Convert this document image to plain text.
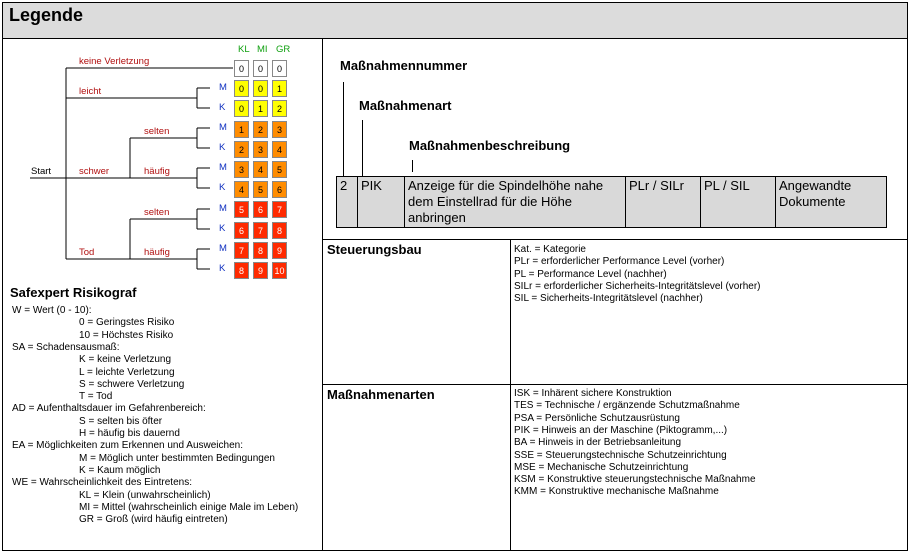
Legende
KL MI GR
Start
keine Verletzung
leicht
schwer
Tod
selten
häufig
selten
häufig
M
K
M
K
M
K
M
K
M
K
0	0	0
0	0	1
0	1	2
1	2	3
2	3	4
3	4	5
4	5	6
5	6	7
6	7	8
7	8	9
8	9	10
Safexpert Risikograf
W = Wert (0 - 10):
0 = Geringstes Risiko
10 = Höchstes Risiko
SA = Schadensausmaß:
K = keine Verletzung
L = leichte Verletzung
S = schwere Verletzung
T = Tod
AD = Aufenthaltsdauer im Gefahrenbereich:
S = selten bis öfter
H = häufig bis dauernd
EA = Möglichkeiten zum Erkennen und Ausweichen:
M = Möglich unter bestimmten Bedingungen
K = Kaum möglich
WE = Wahrscheinlichkeit des Eintretens:
KL = Klein (unwahrscheinlich)
MI = Mittel (wahrscheinlich einige Male im Leben)
GR = Groß (wird häufig eintreten)
Maßnahmennummer
Maßnahmenart
Maßnahmenbeschreibung
2	PIK	Anzeige für die Spindelhöhe nahe dem Einstellrad für die Höhe anbringen	PLr / SILr	PL / SIL	Angewandte Dokumente
Steuerungsbau	Kat. = Kategorie
PLr = erforderlicher Performance Level (vorher)
PL = Performance Level (nachher)
SILr = erforderlicher Sicherheits-Integritätslevel (vorher)
SIL = Sicherheits-Integritätslevel (nachher)
Maßnahmenarten	ISK = Inhärent sichere Konstruktion
TES = Technische / ergänzende Schutzmaßnahme
PSA = Persönliche Schutzausrüstung
PIK = Hinweis an der Maschine (Piktogramm,...)
BA = Hinweis in der Betriebsanleitung
SSE = Steuerungstechnische Schutzeinrichtung
MSE = Mechanische Schutzeinrichtung
KSM = Konstruktive steuerungstechnische Maßnahme
KMM = Konstruktive mechanische Maßnahme
